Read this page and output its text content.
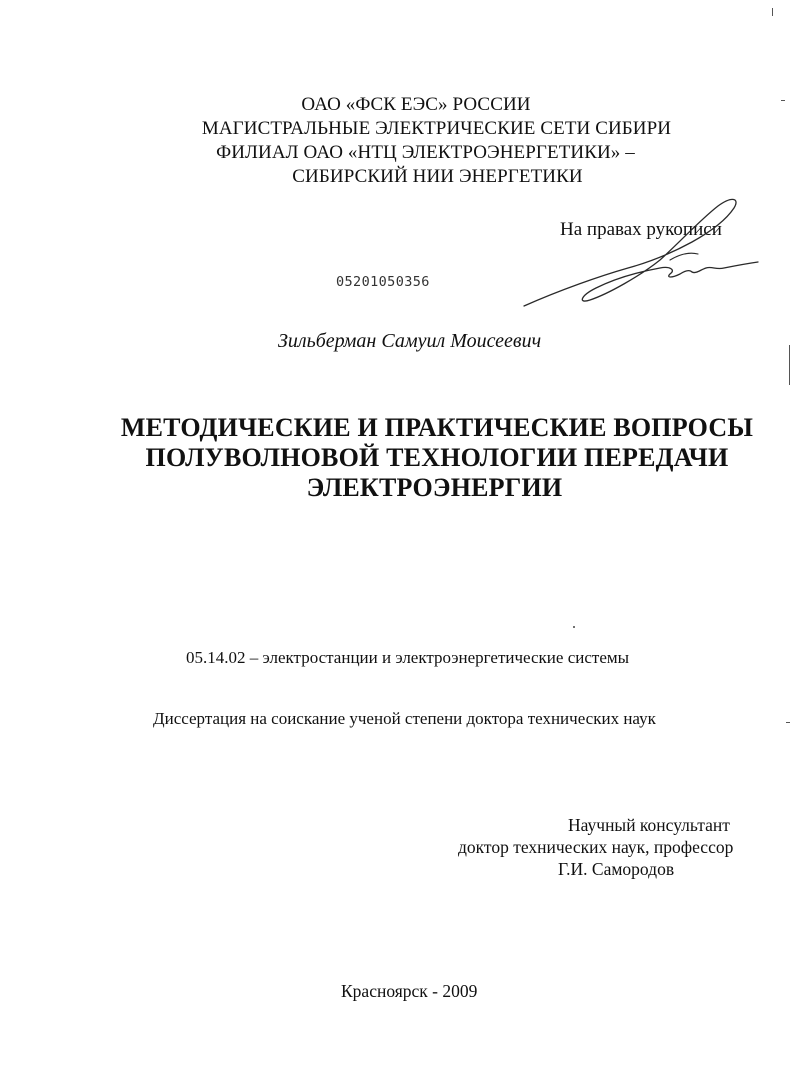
ОАО «ФСК ЕЭС» РОССИИ
МАГИСТРАЛЬНЫЕ ЭЛЕКТРИЧЕСКИЕ СЕТИ СИБИРИ
ФИЛИАЛ ОАО «НТЦ ЭЛЕКТРОЭНЕРГЕТИКИ» –
СИБИРСКИЙ НИИ ЭНЕРГЕТИКИ
На правах рукописи
05201050356
Зильберман Самуил Моисеевич
МЕТОДИЧЕСКИЕ И ПРАКТИЧЕСКИЕ ВОПРОСЫ
ПОЛУВОЛНОВОЙ ТЕХНОЛОГИИ ПЕРЕДАЧИ
ЭЛЕКТРОЭНЕРГИИ
05.14.02 – электростанции и электроэнергетические системы
Диссертация на соискание ученой степени доктора технических наук
Научный консультант
доктор технических наук, профессор
Г.И. Самородов
Красноярск - 2009
